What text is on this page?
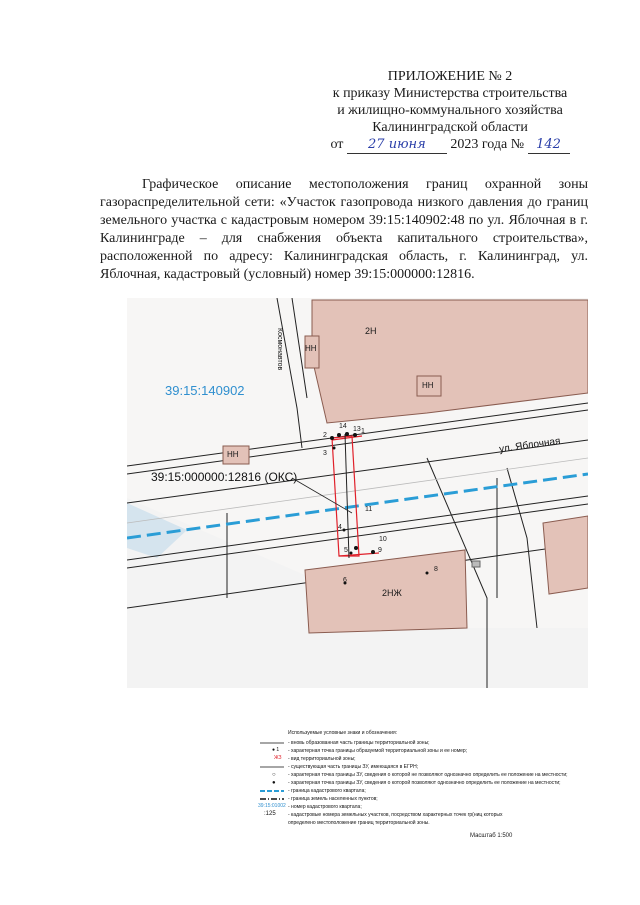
ПРИЛОЖЕНИЕ № 2
к приказу Министерства строительства
и жилищно-коммунального хозяйства
Калининградской области
от 27 июня 2023 года № 142
Графическое описание местоположения границ охранной зоны газораспределительной сети: «Участок газопровода низкого давления до границ земельного участка с кадастровым номером 39:15:140902:48 по ул. Яблочная в г. Калининграде – для снабжения объекта капитального строительства», расположенной по адресу: Калининградская область, г. Калининград, ул. Яблочная, кадастровый (условный) номер 39:15:000000:12816.
39:15:140902
39:15:000000:12816 (ОКС)
ул. Яблочная
Космонавтов	2Н
НН
НН
НН
2НЖ
1
2
3
4
5
6
8
9
10
11
13
14
Используемые условные знаки и обозначения:
- вновь образованная часть границы территориальной зоны;
● 1	- характерная точка границы образуемой территориальной зоны и ее номер;
ЖЗ	- вид территориальной зоны;
- существующая часть границы ЗУ, имеющаяся в ЕГРН;
○	- характерная точка границы ЗУ, сведения о которой не позволяют однозначно определить ее положение на местности;
●	- характерная точка границы ЗУ, сведения о которой позволяют однозначно определить ее положение на местности;
- граница кадастрового квартала;
- граница земель населенных пунктов;
39:15:01002 - номер кадастрового квартала;
:125	- кадастровые номера земельных участков, посредством характерных точек гр(ниц которых
определено местоположение границ территориальной зоны.
Масштаб 1:500
